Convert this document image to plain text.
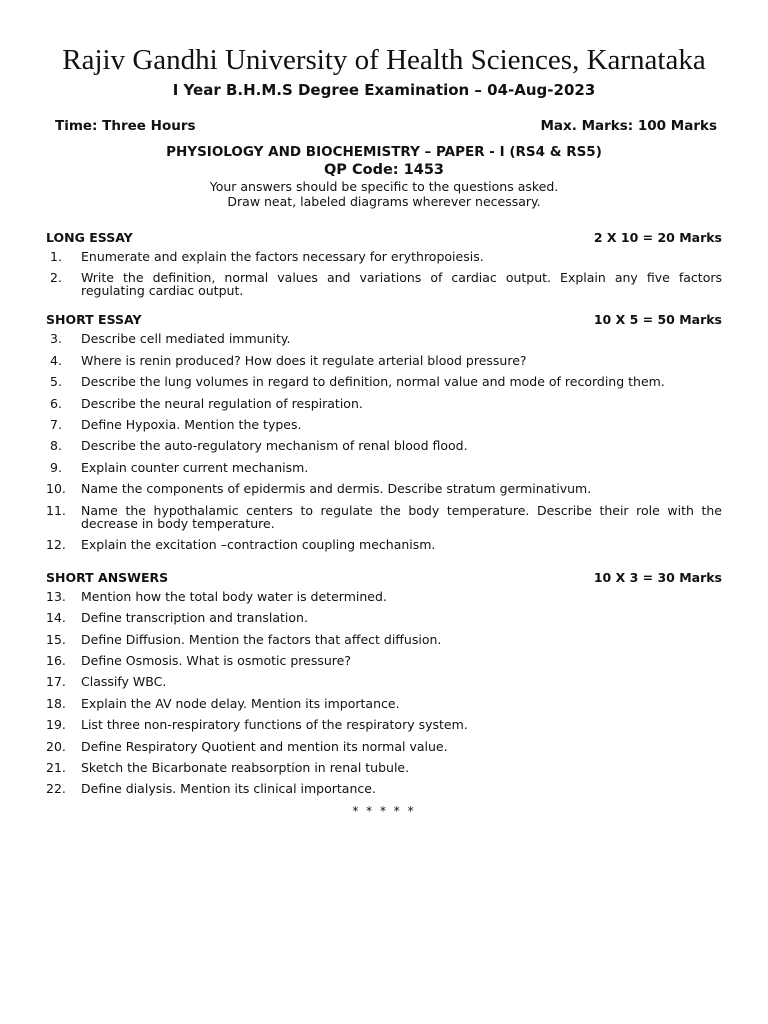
Rajiv Gandhi University of Health Sciences, Karnataka
I Year B.H.M.S Degree Examination – 04-Aug-2023
Time: Three Hours	Max. Marks: 100 Marks
PHYSIOLOGY AND BIOCHEMISTRY – PAPER - I (RS4 & RS5)
QP Code: 1453
Your answers should be specific to the questions asked.
Draw neat, labeled diagrams wherever necessary.
LONG ESSAY	2 X 10 = 20 Marks
1.	Enumerate and explain the factors necessary for erythropoiesis.
2.	Write the definition, normal values and variations of cardiac output. Explain any five factors regulating cardiac output.
SHORT ESSAY	10 X 5 = 50 Marks
3.	Describe cell mediated immunity.
4.	Where is renin produced? How does it regulate arterial blood pressure?
5.	Describe the lung volumes in regard to definition, normal value and mode of recording them.
6.	Describe the neural regulation of respiration.
7.	Define Hypoxia. Mention the types.
8.	Describe the auto-regulatory mechanism of renal blood flood.
9.	Explain counter current mechanism.
10.	Name the components of epidermis and dermis. Describe stratum germinativum.
11.	Name the hypothalamic centers to regulate the body temperature. Describe their role with the decrease in body temperature.
12.	Explain the excitation –contraction coupling mechanism.
SHORT ANSWERS	10 X 3 = 30 Marks
13.	Mention how the total body water is determined.
14.	Define transcription and translation.
15.	Define Diffusion. Mention the factors that affect diffusion.
16.	Define Osmosis. What is osmotic pressure?
17.	Classify WBC.
18.	Explain the AV node delay. Mention its importance.
19.	List three non-respiratory functions of the respiratory system.
20.	Define Respiratory Quotient and mention its normal value.
21.	Sketch the Bicarbonate reabsorption in renal tubule.
22.	Define dialysis. Mention its clinical importance.
* * * * *
